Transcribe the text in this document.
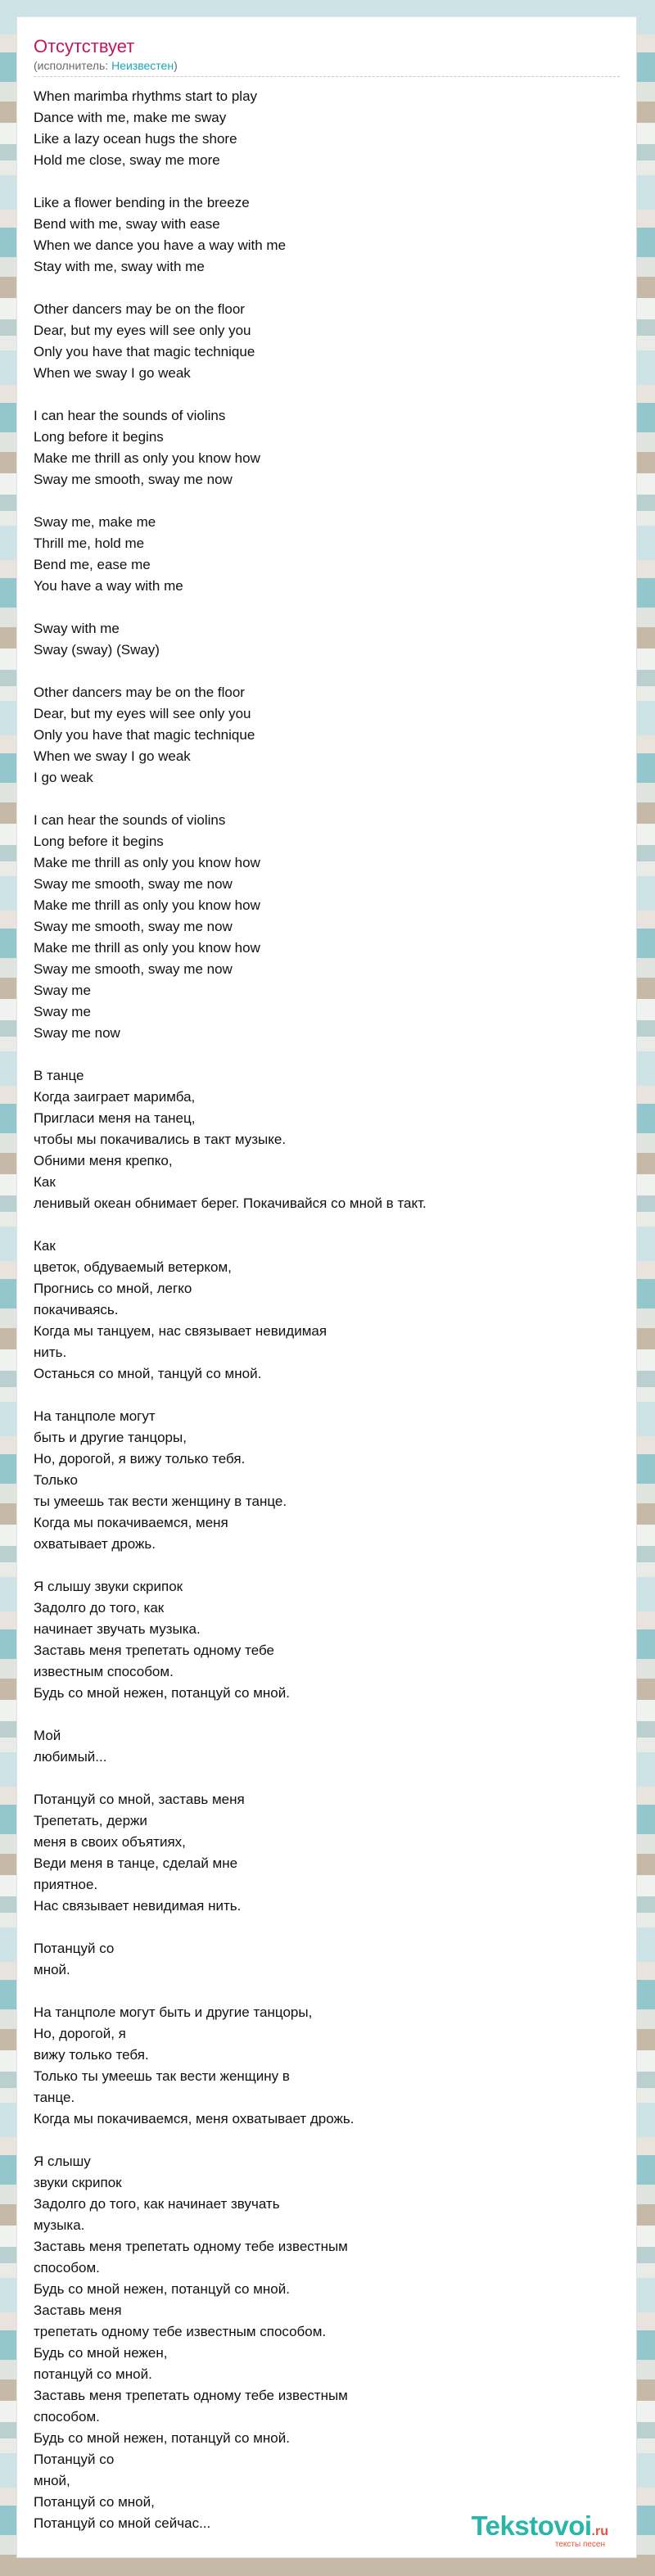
Отсутствует
(исполнитель: Неизвестен)
When marimba rhythms start to play
Dance with me, make me sway
Like a lazy ocean hugs the shore
Hold me close, sway me more

Like a flower bending in the breeze
Bend with me, sway with ease
When we dance you have a way with me
Stay with me, sway with me

Other dancers may be on the floor
Dear, but my eyes will see only you
Only you have that magic technique
When we sway I go weak

I can hear the sounds of violins
Long before it begins
Make me thrill as only you know how
Sway me smooth, sway me now

Sway me, make me
Thrill me, hold me
Bend me, ease me
You have a way with me

Sway with me
Sway (sway) (Sway)

Other dancers may be on the floor
Dear, but my eyes will see only you
Only you have that magic technique
When we sway I go weak
I go weak

I can hear the sounds of violins
Long before it begins
Make me thrill as only you know how
Sway me smooth, sway me now
Make me thrill as only you know how
Sway me smooth, sway me now
Make me thrill as only you know how
Sway me smooth, sway me now
Sway me
Sway me
Sway me now

В танце
Когда заиграет маримба,
Пригласи меня на танец,
чтобы мы покачивались в такт музыке.
Обними меня крепко,
Как
ленивый океан обнимает берег. Покачивайся со мной в такт.

Как
цветок, обдуваемый ветерком,
Прогнись со мной, легко
покачиваясь.
Когда мы танцуем, нас связывает невидимая
нить.
Останься со мной, танцуй со мной.

На танцполе могут
быть и другие танцоры,
Но, дорогой, я вижу только тебя.
Только
ты умеешь так вести женщину в танце.
Когда мы покачиваемся, меня
охватывает дрожь.

Я слышу звуки скрипок
Задолго до того, как
начинает звучать музыка.
Заставь меня трепетать одному тебе
известным способом.
Будь со мной нежен, потанцуй со мной.

Мой
любимый...

Потанцуй со мной, заставь меня
Трепетать, держи
меня в своих объятиях,
Веди меня в танце, сделай мне
приятное.
Нас связывает невидимая нить.

Потанцуй со
мной.

На танцполе могут быть и другие танцоры,
Но, дорогой, я
вижу только тебя.
Только ты умеешь так вести женщину в
танце.
Когда мы покачиваемся, меня охватывает дрожь.

Я слышу
звуки скрипок
Задолго до того, как начинает звучать
музыка.
Заставь меня трепетать одному тебе известным
способом.
Будь со мной нежен, потанцуй со мной.
Заставь меня
трепетать одному тебе известным способом.
Будь со мной нежен,
потанцуй со мной.
Заставь меня трепетать одному тебе известным
способом.
Будь со мной нежен, потанцуй со мной.
Потанцуй со
мной,
Потанцуй со мной,
Потанцуй со мной сейчас...	Tekstovoi.ru
тексты песен
